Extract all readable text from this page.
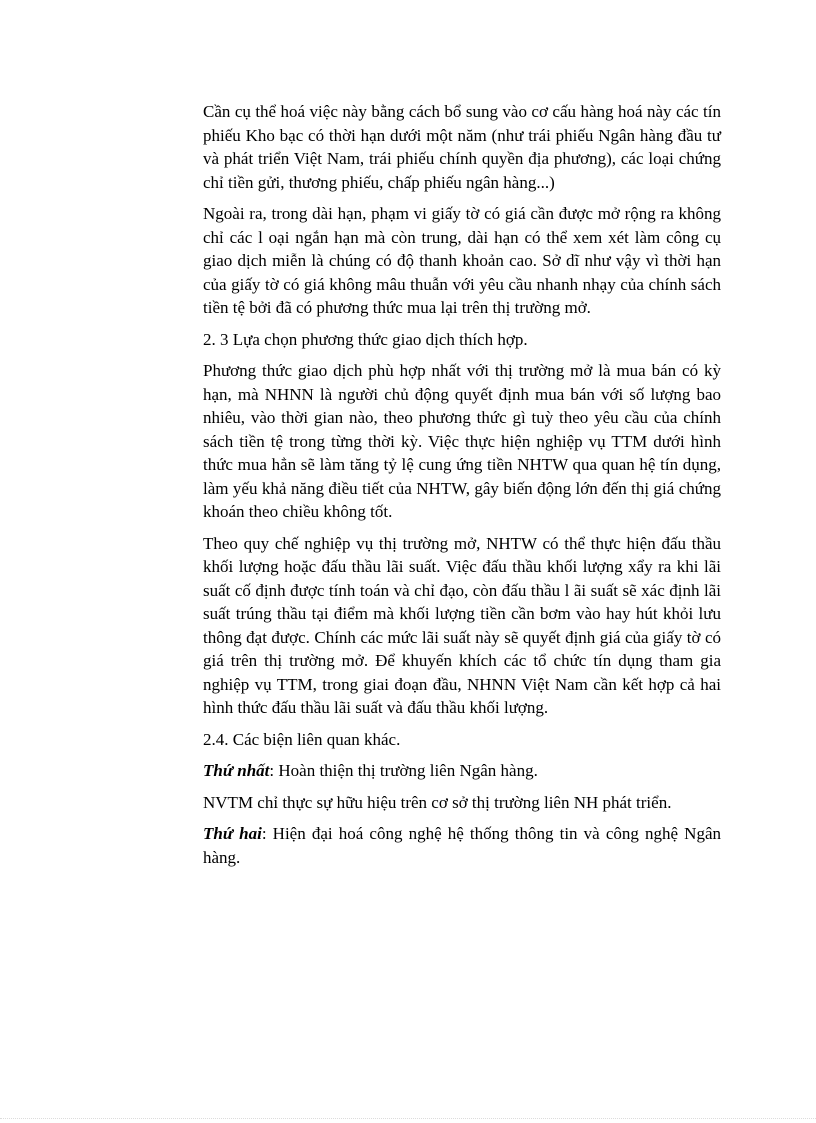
Cần cụ thể hoá việc này bằng cách bổ sung vào cơ cấu hàng hoá này các tín phiếu Kho bạc có thời hạn dưới một năm (như trái phiếu Ngân hàng đầu tư và phát triển Việt Nam, trái phiếu chính quyền địa phương), các loại chứng chỉ tiền gửi, thương phiếu, chấp phiếu ngân hàng...)

Ngoài ra, trong dài hạn, phạm vi giấy tờ có giá cần được mở rộng ra không chỉ các l oại ngắn hạn mà còn trung, dài hạn có thể xem xét làm công cụ giao dịch miễn là chúng có độ thanh khoản cao. Sở dĩ như vậy vì thời hạn của giấy tờ có giá không mâu thuẫn với yêu cầu nhanh nhạy của chính sách tiền tệ bởi đã có phương thức mua lại trên thị trường mở.

2. 3 Lựa chọn phương thức giao dịch thích hợp.

Phương thức giao dịch phù hợp nhất với thị trường mở là mua bán có kỳ hạn, mà NHNN là người chủ động quyết định mua bán với số lượng bao nhiêu, vào thời gian nào, theo phương thức gì tuỳ theo yêu cầu của chính sách tiền tệ trong từng thời kỳ. Việc thực hiện nghiệp vụ TTM dưới hình thức mua hẳn sẽ làm tăng tỷ lệ cung ứng tiền NHTW qua quan hệ tín dụng, làm yếu khả năng điều tiết của NHTW, gây biến động lớn đến thị giá chứng khoán theo chiều không tốt.

Theo quy chế nghiệp vụ thị trường mở, NHTW có thể thực hiện đấu thầu khối lượng hoặc đấu thầu lãi suất. Việc đấu thầu khối lượng xẩy ra khi lãi suất cố định được tính toán và chỉ đạo, còn đấu thầu l ãi suất sẽ xác định lãi suất trúng thầu tại điểm mà khối lượng tiền cần bơm vào hay hút khỏi lưu thông đạt được. Chính các mức lãi suất này sẽ quyết định giá của giấy tờ có giá trên thị trường mở. Để khuyến khích các tổ chức tín dụng tham gia nghiệp vụ TTM, trong giai đoạn đầu, NHNN Việt Nam cần kết hợp cả hai hình thức đấu thầu lãi suất và đấu thầu khối lượng.

2.4. Các biện liên quan khác.

Thứ nhất: Hoàn thiện thị trường liên Ngân hàng.

NVTM chỉ thực sự hữu hiệu trên cơ sở thị trường liên NH phát triển.

Thứ hai: Hiện đại hoá công nghệ hệ thống thông tin và công nghệ Ngân hàng.
